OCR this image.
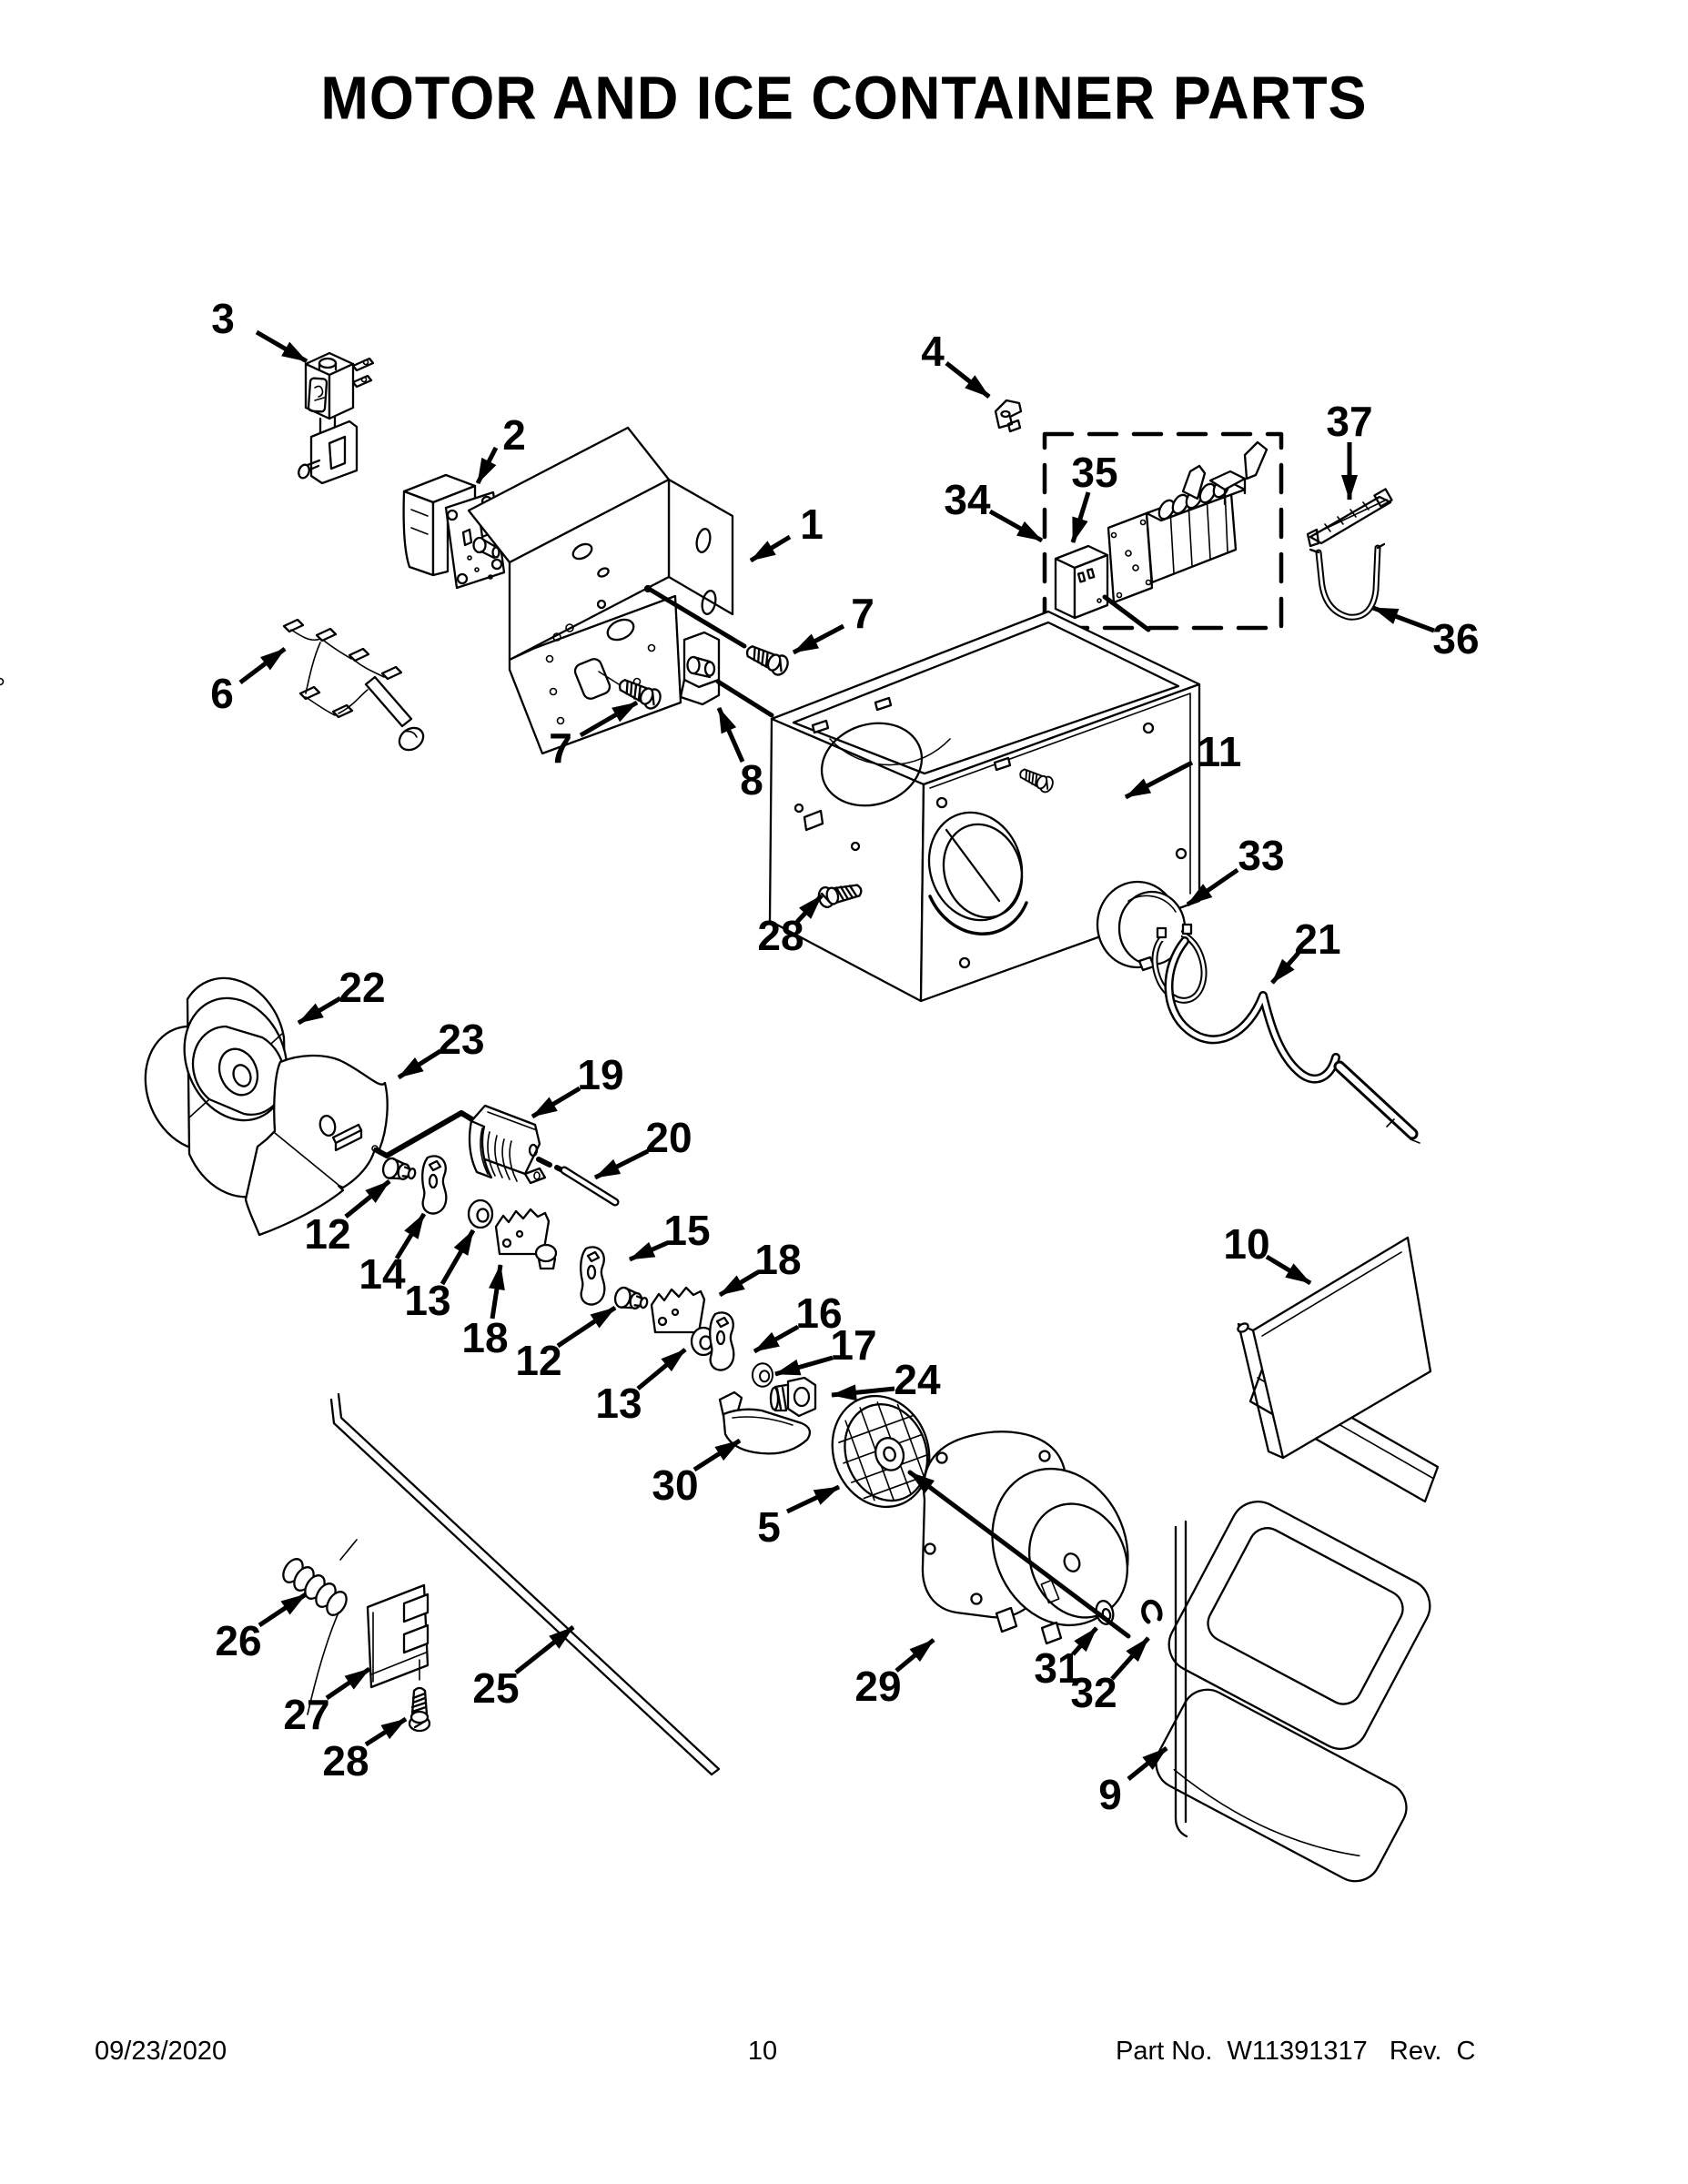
MOTOR AND ICE CONTAINER PARTS
3
2
1
4
34
35
37
36
7
6
7
8
11
28
33
21
22
23
19
20
12
14
13
18 12
13
15
18
16
17
24
30
5
25
26
27
28
29	31
32
9
10
09/23/2020	10	Part No.  W11391317   Rev.  C
